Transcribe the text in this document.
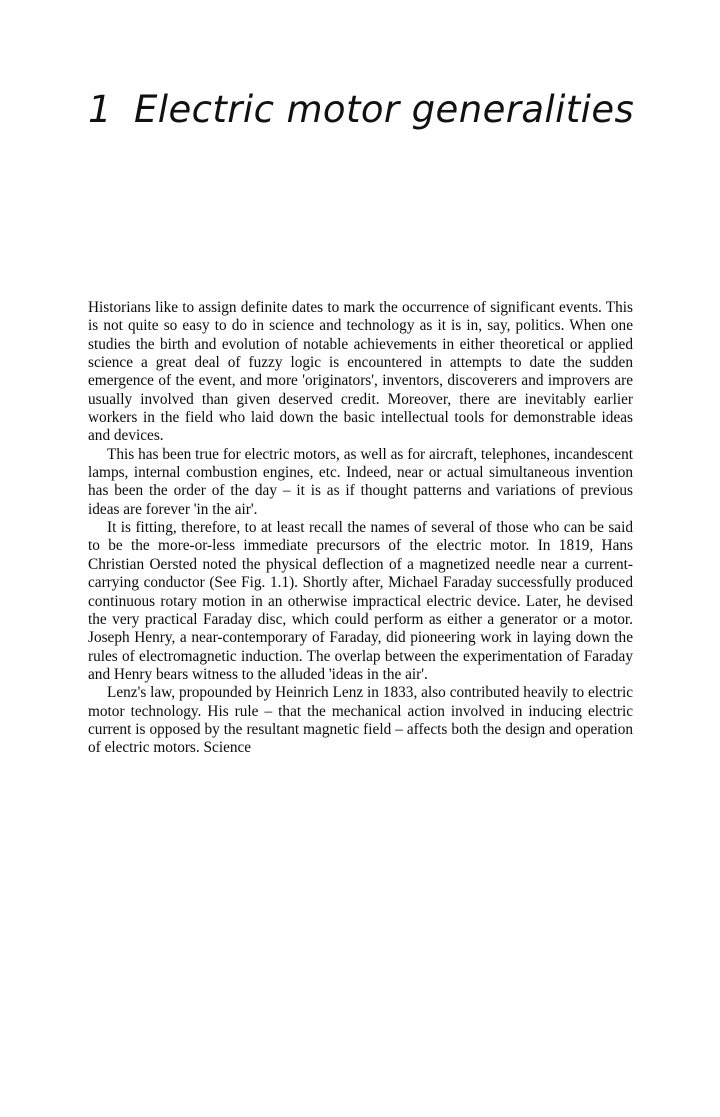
1 Electric motor generalities

Historians like to assign definite dates to mark the occurrence of significant events. This is not quite so easy to do in science and technology as it is in, say, politics. When one studies the birth and evolution of notable achievements in either theoretical or applied science a great deal of fuzzy logic is encountered in attempts to date the sudden emergence of the event, and more 'originators', inventors, discoverers and improvers are usually involved than given deserved credit. Moreover, there are inevitably earlier workers in the field who laid down the basic intellectual tools for demonstrable ideas and devices.

This has been true for electric motors, as well as for aircraft, telephones, incandescent lamps, internal combustion engines, etc. Indeed, near or actual simultaneous invention has been the order of the day – it is as if thought patterns and variations of previous ideas are forever 'in the air'.

It is fitting, therefore, to at least recall the names of several of those who can be said to be the more-or-less immediate precursors of the electric motor. In 1819, Hans Christian Oersted noted the physical deflection of a magnetized needle near a current-carrying conductor (See Fig. 1.1). Shortly after, Michael Faraday successfully produced continuous rotary motion in an otherwise impractical electric device. Later, he devised the very practical Faraday disc, which could perform as either a generator or a motor. Joseph Henry, a near-contemporary of Faraday, did pioneering work in laying down the rules of electromagnetic induction. The overlap between the experimentation of Faraday and Henry bears witness to the alluded 'ideas in the air'.

Lenz's law, propounded by Heinrich Lenz in 1833, also contributed heavily to electric motor technology. His rule – that the mechanical action involved in inducing electric current is opposed by the resultant magnetic field – affects both the design and operation of electric motors. Science
